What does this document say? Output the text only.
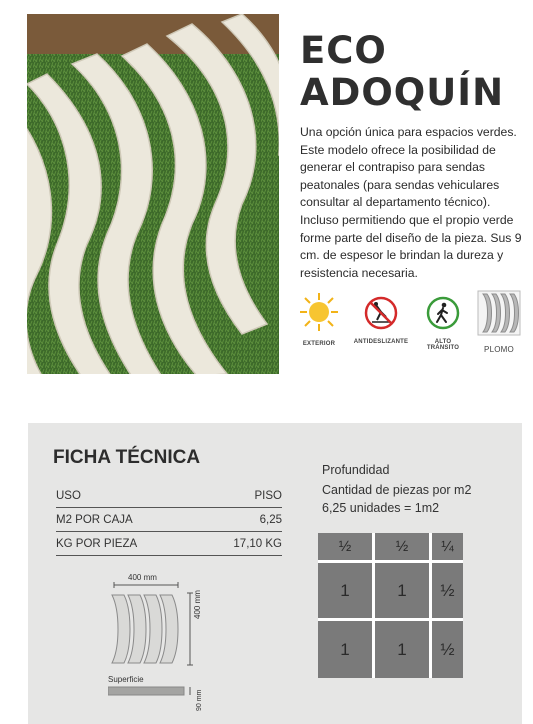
ECO
ADOQUÍN
Una opción única para espacios verdes. Este modelo ofrece la posibilidad de generar el contrapiso para sendas peatonales (para sendas vehiculares consultar al departamento técnico). Incluso permitiendo que el propio verde forme parte del diseño de la pieza. Sus 9 cm. de espesor le brindan la dureza y resistencia necesaria.
EXTERIOR	ANTIDESLIZANTE	ALTO TRÁNSITO	PLOMO
FICHA TÉCNICA
USO	PISO
M2 POR CAJA	6,25
KG POR PIEZA	17,10 KG
400 mm
400 mm
Superficie
90 mm
Profundidad
Cantidad de piezas por m2
6,25 unidades = 1m2
½	½	¼
1	1	½
1	1	½
